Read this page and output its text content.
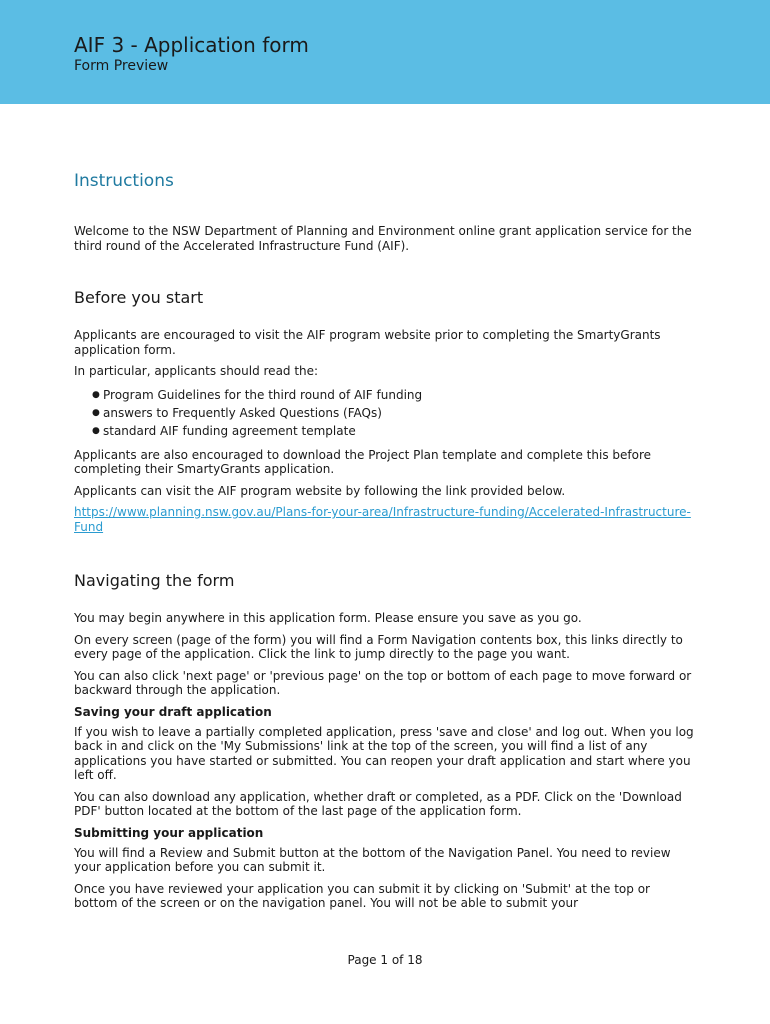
AIF 3 - Application form
Form Preview
Instructions

Welcome to the NSW Department of Planning and Environment online grant application service for the third round of the Accelerated Infrastructure Fund (AIF).

Before you start

Applicants are encouraged to visit the AIF program website prior to completing the SmartyGrants application form.

In particular, applicants should read the:

● Program Guidelines for the third round of AIF funding
● answers to Frequently Asked Questions (FAQs)
● standard AIF funding agreement template

Applicants are also encouraged to download the Project Plan template and complete this before completing their SmartyGrants application.

Applicants can visit the AIF program website by following the link provided below.

https://www.planning.nsw.gov.au/Plans-for-your-area/Infrastructure-funding/Accelerated-Infrastructure-Fund
Navigating the form

You may begin anywhere in this application form. Please ensure you save as you go.

On every screen (page of the form) you will find a Form Navigation contents box, this links directly to every page of the application. Click the link to jump directly to the page you want.

You can also click 'next page' or 'previous page' on the top or bottom of each page to move forward or backward through the application.

Saving your draft application

If you wish to leave a partially completed application, press 'save and close' and log out. When you log back in and click on the 'My Submissions' link at the top of the screen, you will find a list of any applications you have started or submitted. You can reopen your draft application and start where you left off.

You can also download any application, whether draft or completed, as a PDF. Click on the 'Download PDF' button located at the bottom of the last page of the application form.

Submitting your application

You will find a Review and Submit button at the bottom of the Navigation Panel. You need to review your application before you can submit it.

Once you have reviewed your application you can submit it by clicking on 'Submit' at the top or bottom of the screen or on the navigation panel. You will not be able to submit your

Page 1 of 18
